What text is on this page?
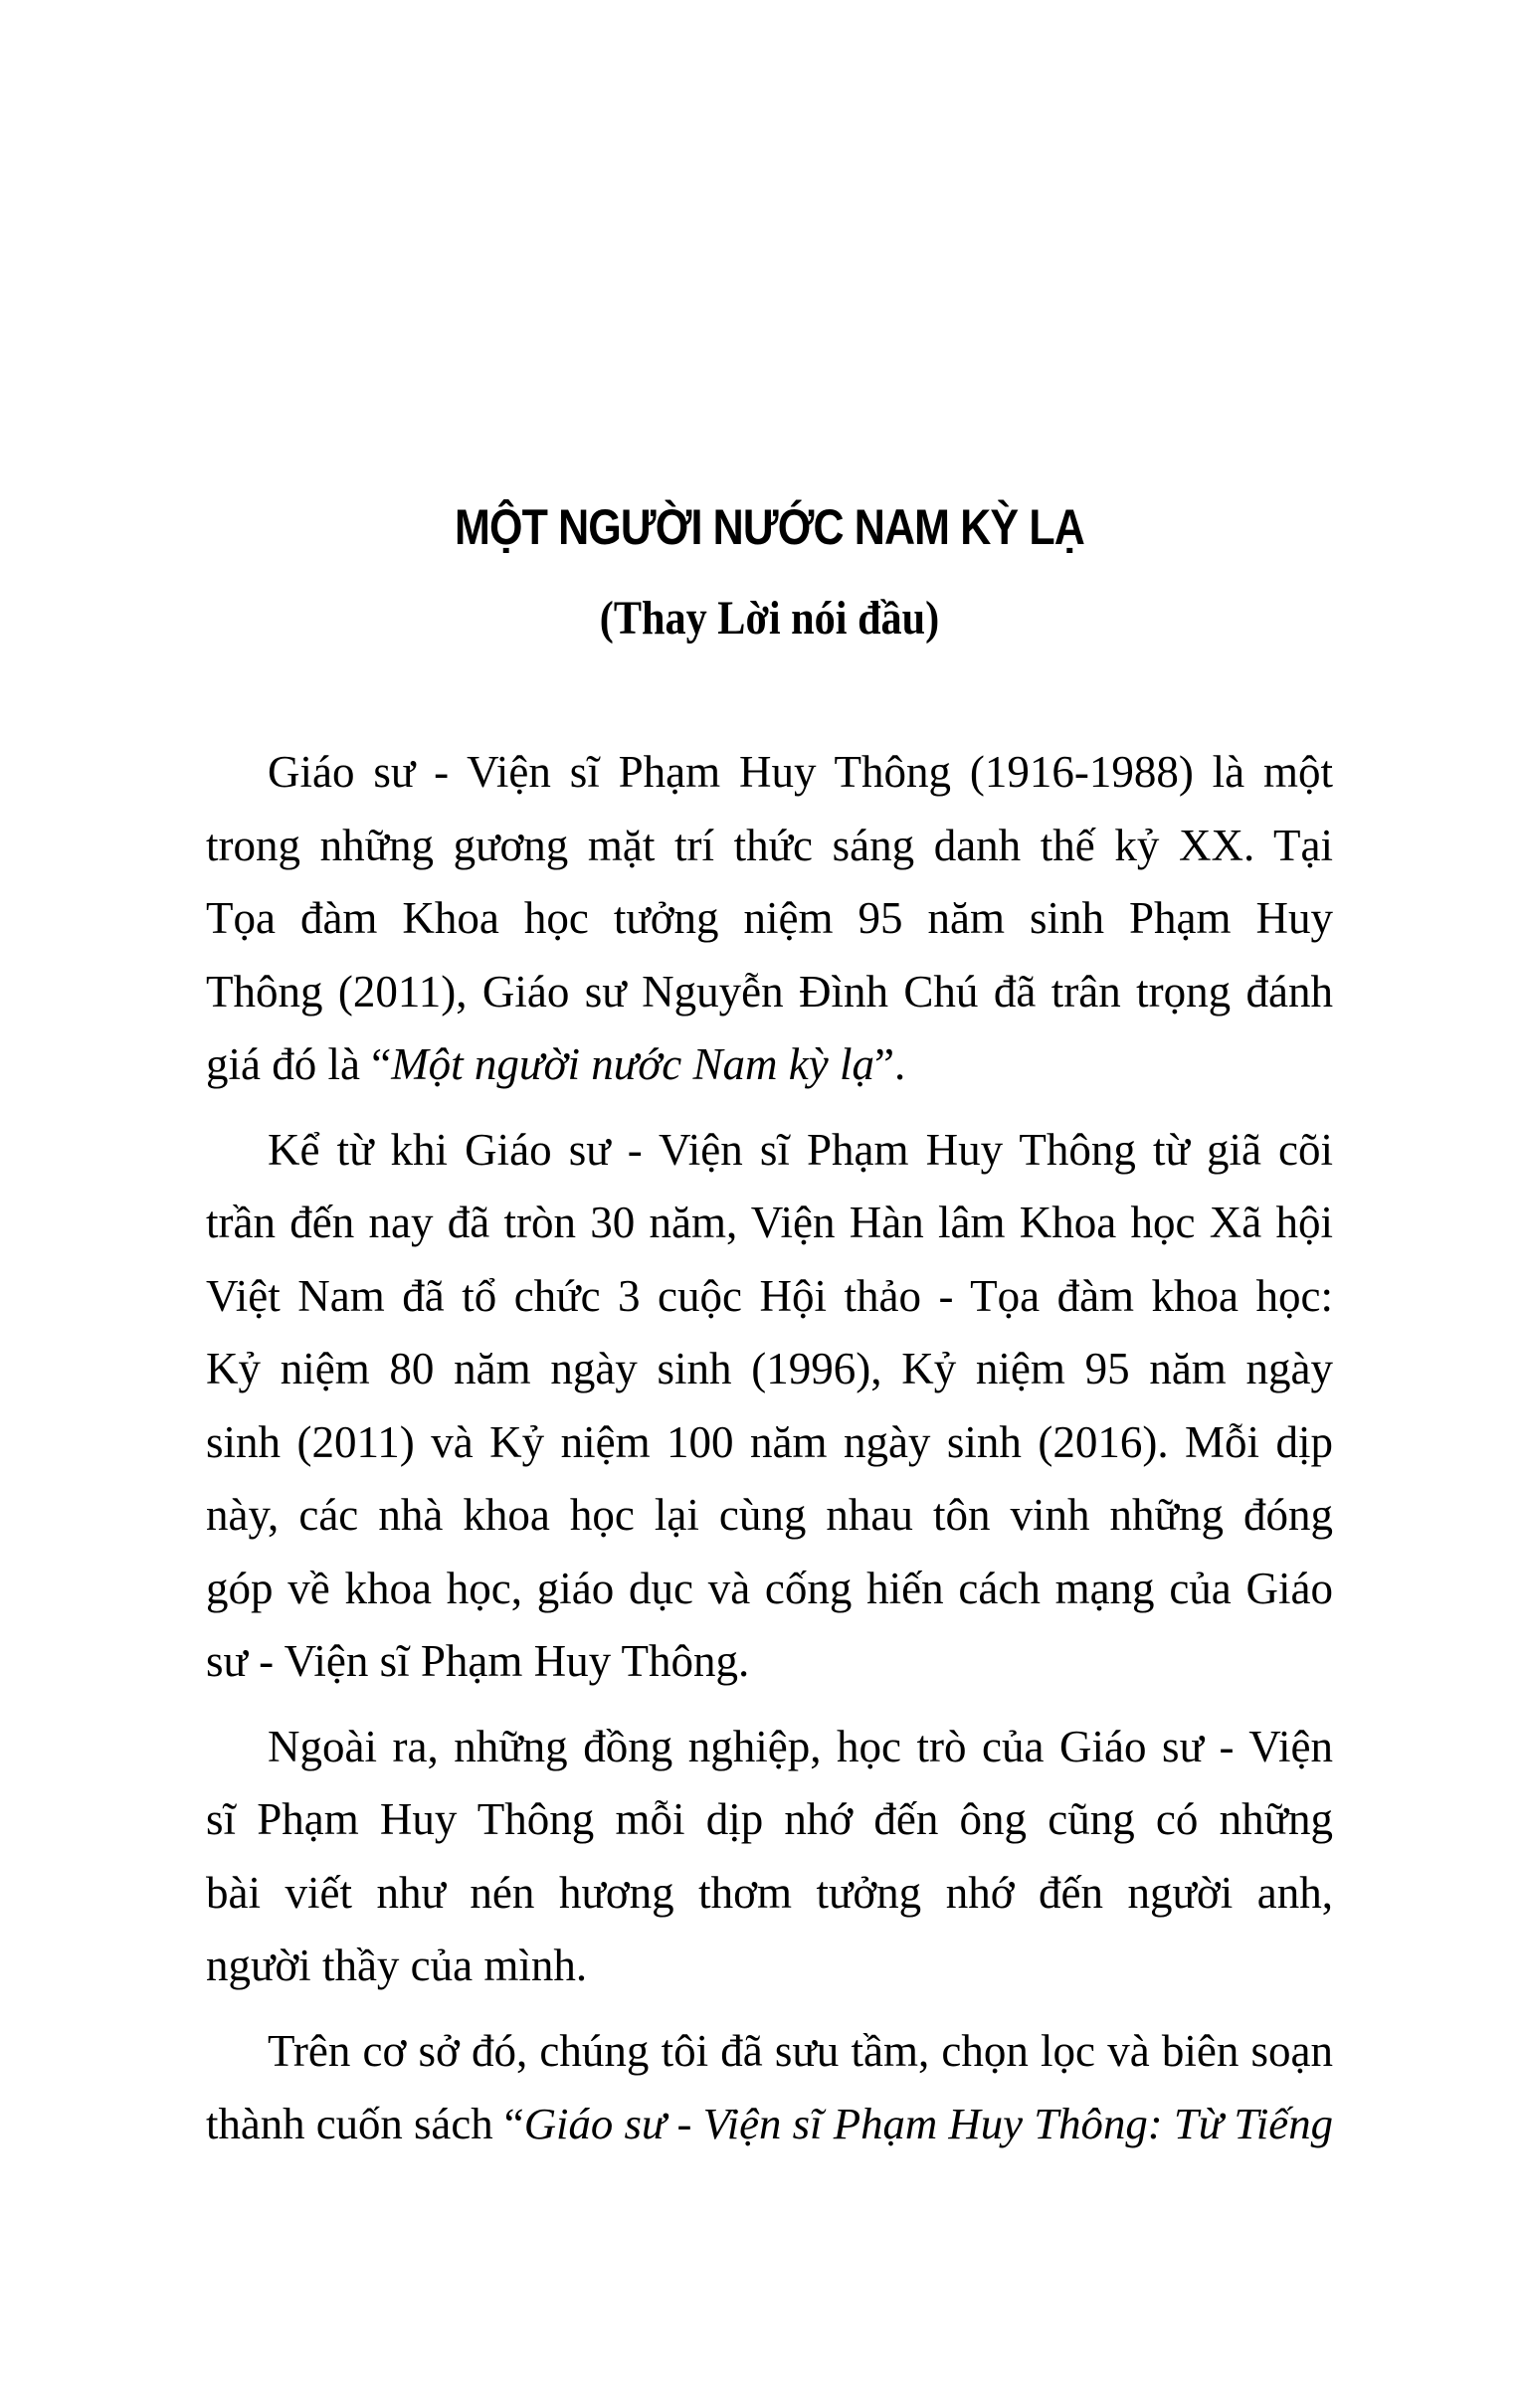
MỘT NGƯỜI NƯỚC NAM KỲ LẠ
(Thay Lời nói đầu)

Giáo sư - Viện sĩ Phạm Huy Thông (1916-1988) là một
trong những gương mặt trí thức sáng danh thế kỷ XX. Tại
Tọa đàm Khoa học tưởng niệm 95 năm sinh Phạm Huy
Thông (2011), Giáo sư Nguyễn Đình Chú đã trân trọng đánh
giá đó là “Một người nước Nam kỳ lạ”.

Kể từ khi Giáo sư - Viện sĩ Phạm Huy Thông từ giã cõi
trần đến nay đã tròn 30 năm, Viện Hàn lâm Khoa học Xã hội
Việt Nam đã tổ chức 3 cuộc Hội thảo - Tọa đàm khoa học:
Kỷ niệm 80 năm ngày sinh (1996), Kỷ niệm 95 năm ngày
sinh (2011) và Kỷ niệm 100 năm ngày sinh (2016). Mỗi dịp
này, các nhà khoa học lại cùng nhau tôn vinh những đóng
góp về khoa học, giáo dục và cống hiến cách mạng của Giáo
sư - Viện sĩ Phạm Huy Thông.

Ngoài ra, những đồng nghiệp, học trò của Giáo sư - Viện
sĩ Phạm Huy Thông mỗi dịp nhớ đến ông cũng có những
bài viết như nén hương thơm tưởng nhớ đến người anh,
người thầy của mình.

Trên cơ sở đó, chúng tôi đã sưu tầm, chọn lọc và biên soạn
thành cuốn sách “Giáo sư - Viện sĩ Phạm Huy Thông: Từ Tiếng
